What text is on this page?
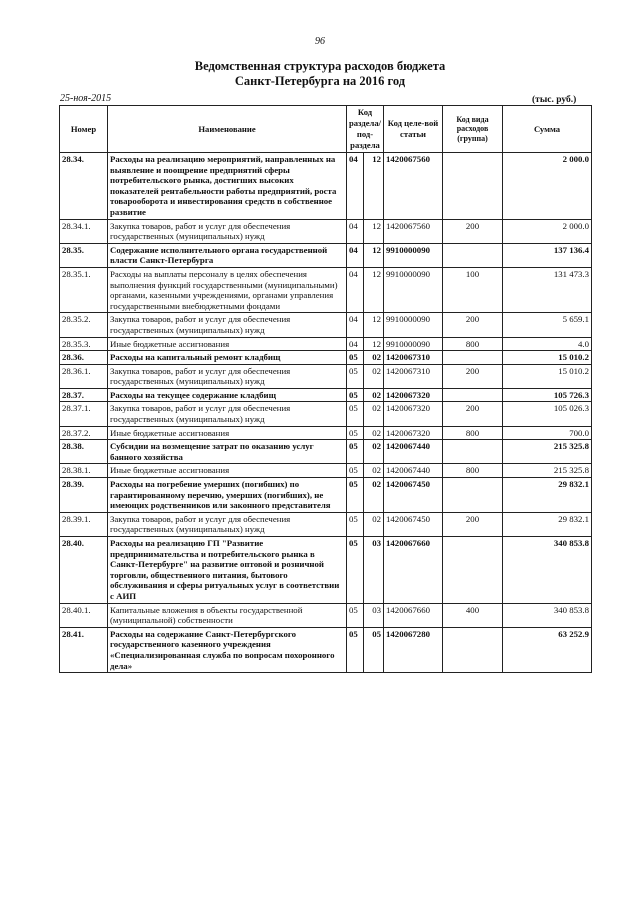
96
Ведомственная структура расходов бюджета
Санкт-Петербурга на 2016 год
25-ноя-2015	(тыс. руб.)
Номер	Наименование	Код раздела/ под-раздела		Код целе-вой статьи	Код вида расходов (группа)	Сумма
28.34.	Расходы на реализацию мероприятий, направленных на выявление и поощрение предприятий сферы потребительского рынка, достигших высоких показателей рентабельности работы предприятий, роста товарооборота и инвестирования средств в собственное развитие	04	12	1420067560		2 000.0
28.34.1.	Закупка товаров, работ и услуг для обеспечения государственных (муниципальных) нужд	04	12	1420067560	200	2 000.0
28.35.	Содержание исполнительного органа государственной власти Санкт-Петербурга	04	12	9910000090		137 136.4
28.35.1.	Расходы на выплаты персоналу в целях обеспечения выполнения функций государственными (муниципальными) органами, казенными учреждениями, органами управления государственными внебюджетными фондами	04	12	9910000090	100	131 473.3
28.35.2.	Закупка товаров, работ и услуг для обеспечения государственных (муниципальных) нужд	04	12	9910000090	200	5 659.1
28.35.3.	Иные бюджетные ассигнования	04	12	9910000090	800	4.0
28.36.	Расходы на капитальный ремонт кладбищ	05	02	1420067310		15 010.2
28.36.1.	Закупка товаров, работ и услуг для обеспечения государственных (муниципальных) нужд	05	02	1420067310	200	15 010.2
28.37.	Расходы на текущее содержание кладбищ	05	02	1420067320		105 726.3
28.37.1.	Закупка товаров, работ и услуг для обеспечения государственных (муниципальных) нужд	05	02	1420067320	200	105 026.3
28.37.2.	Иные бюджетные ассигнования	05	02	1420067320	800	700.0
28.38.	Субсидии на возмещение затрат по оказанию услуг банного хозяйства	05	02	1420067440		215 325.8
28.38.1.	Иные бюджетные ассигнования	05	02	1420067440	800	215 325.8
28.39.	Расходы на погребение умерших (погибших) по гарантированному перечню, умерших (погибших), не имеющих родственников или законного представителя	05	02	1420067450		29 832.1
28.39.1.	Закупка товаров, работ и услуг для обеспечения государственных (муниципальных) нужд	05	02	1420067450	200	29 832.1
28.40.	Расходы на реализацию ГП "Развитие предпринимательства и потребительского рынка в Санкт-Петербурге" на развитие оптовой и розничной торговли, общественного питания, бытового обслуживания и сферы ритуальных услуг в соответствии с АИП	05	03	1420067660		340 853.8
28.40.1.	Капитальные вложения в объекты государственной (муниципальной) собственности	05	03	1420067660	400	340 853.8
28.41.	Расходы на содержание Санкт-Петербургского государственного казенного учреждения «Специализированная служба по вопросам похоронного дела»	05	05	1420067280		63 252.9
